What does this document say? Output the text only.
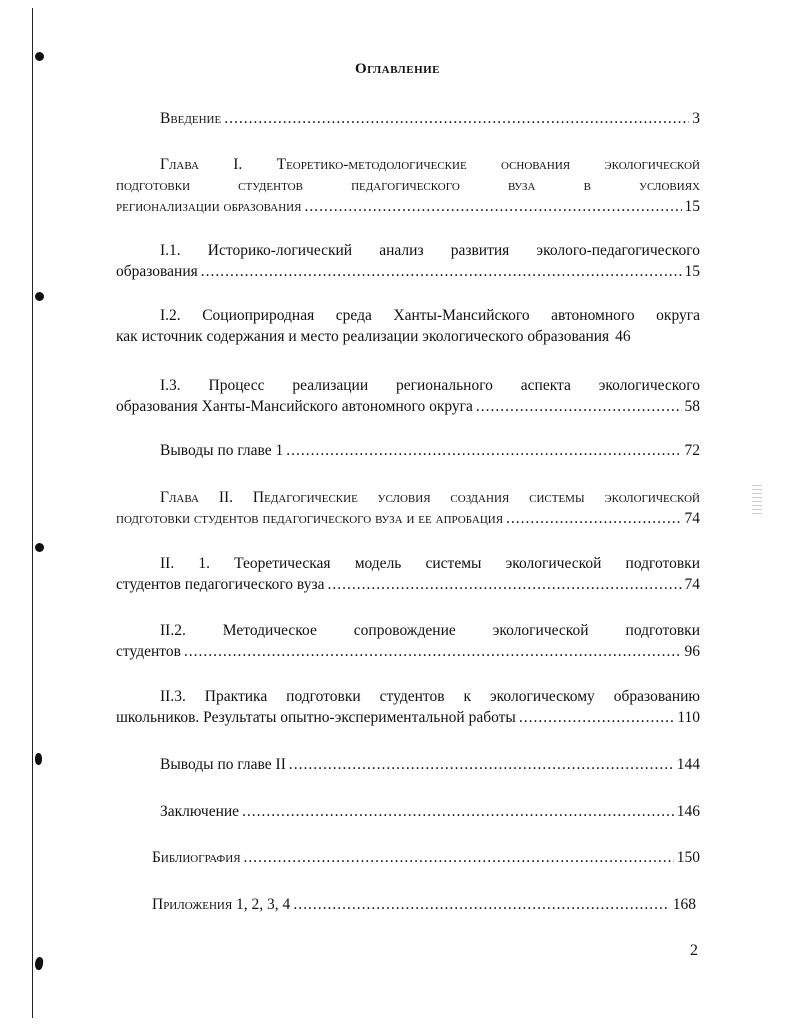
Оглавление
Введение .....	3
Глава I. Теоретико-методологические основания экологической
подготовки студентов педагогического вуза в условиях
регионализации образования .....	15
I.1. Историко-логический анализ развития эколого-педагогического
образования .....	15
I.2. Социоприродная среда Ханты-Мансийского автономного округа
как источник содержания и место реализации экологического образования 46
I.3. Процесс реализации регионального аспекта экологического
образования Ханты-Мансийского автономного округа .....	58
Выводы по главе 1 .....	72
Глава II. Педагогические условия создания системы экологической
подготовки студентов педагогического вуза и ее апробация .....	74
II. 1. Теоретическая модель системы экологической подготовки
студентов педагогического вуза .....	74
II.2. Методическое сопровождение экологической подготовки
студентов .....	96
II.3. Практика подготовки студентов к экологическому образованию
школьников. Результаты опытно-экспериментальной работы .....	110
Выводы по главе II .....	144
Заключение .....	146
Библиография .....	150
Приложения 1, 2, 3, 4 .....	168
2
